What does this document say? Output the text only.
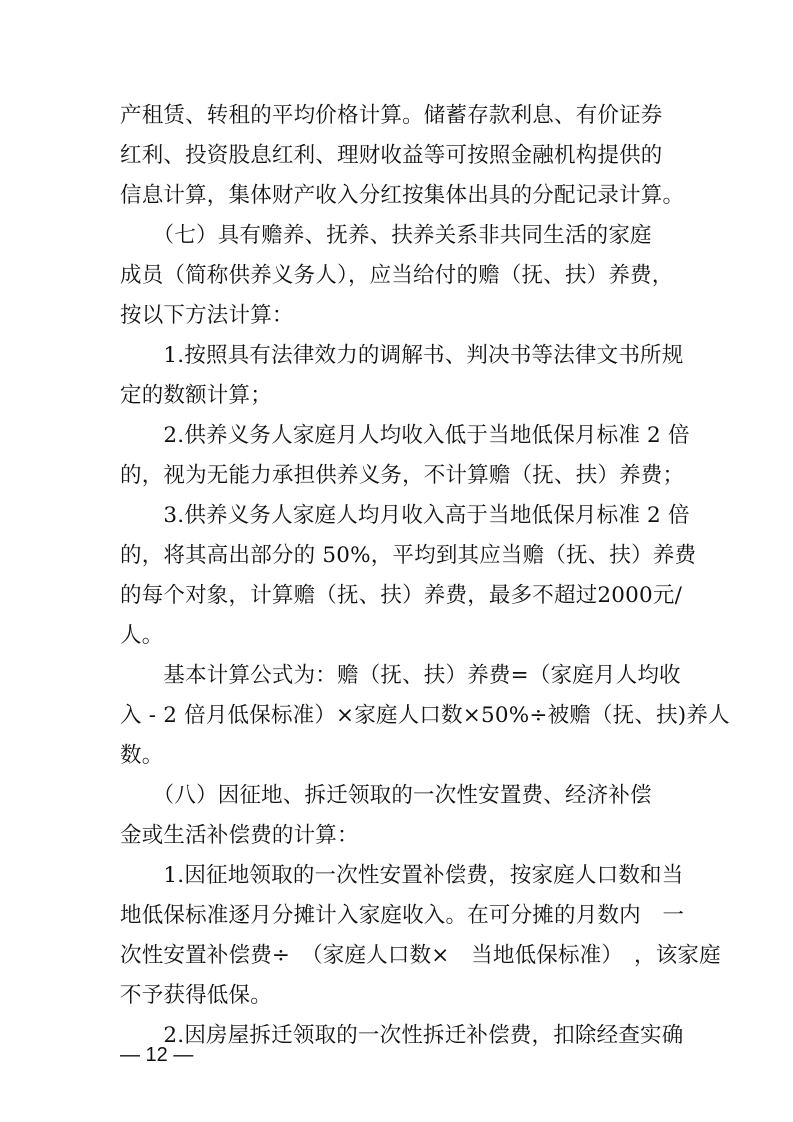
产租赁、转租的平均价格计算。储蓄存款利息、有价证券
红利、投资股息红利、理财收益等可按照金融机构提供的
信息计算，集体财产收入分红按集体出具的分配记录计算。
　　（七）具有赡养、抚养、扶养关系非共同生活的家庭
成员（简称供养义务人），应当给付的赡（抚、扶）养费，
按以下方法计算：
　　1.按照具有法律效力的调解书、判决书等法律文书所规
定的数额计算；
　　2.供养义务人家庭月人均收入低于当地低保月标准 2 倍
的，视为无能力承担供养义务，不计算赡（抚、扶）养费；
　　3.供养义务人家庭人均月收入高于当地低保月标准 2 倍
的，将其高出部分的 50%，平均到其应当赡（抚、扶）养费
的每个对象，计算赡（抚、扶）养费，最多不超过2000元/
人。
　　基本计算公式为：赡（抚、扶）养费=（家庭月人均收
入 - 2 倍月低保标准）×家庭人口数×50%÷被赡（抚、扶)养人
数。
　　（八）因征地、拆迁领取的一次性安置费、经济补偿
金或生活补偿费的计算：
　　1.因征地领取的一次性安置补偿费，按家庭人口数和当
地低保标准逐月分摊计入家庭收入。在可分摊的月数内　一
次性安置补偿费÷　（家庭人口数×　当地低保标准）　，该家庭
不予获得低保。
　　2.因房屋拆迁领取的一次性拆迁补偿费，扣除经查实确
— 12 —
